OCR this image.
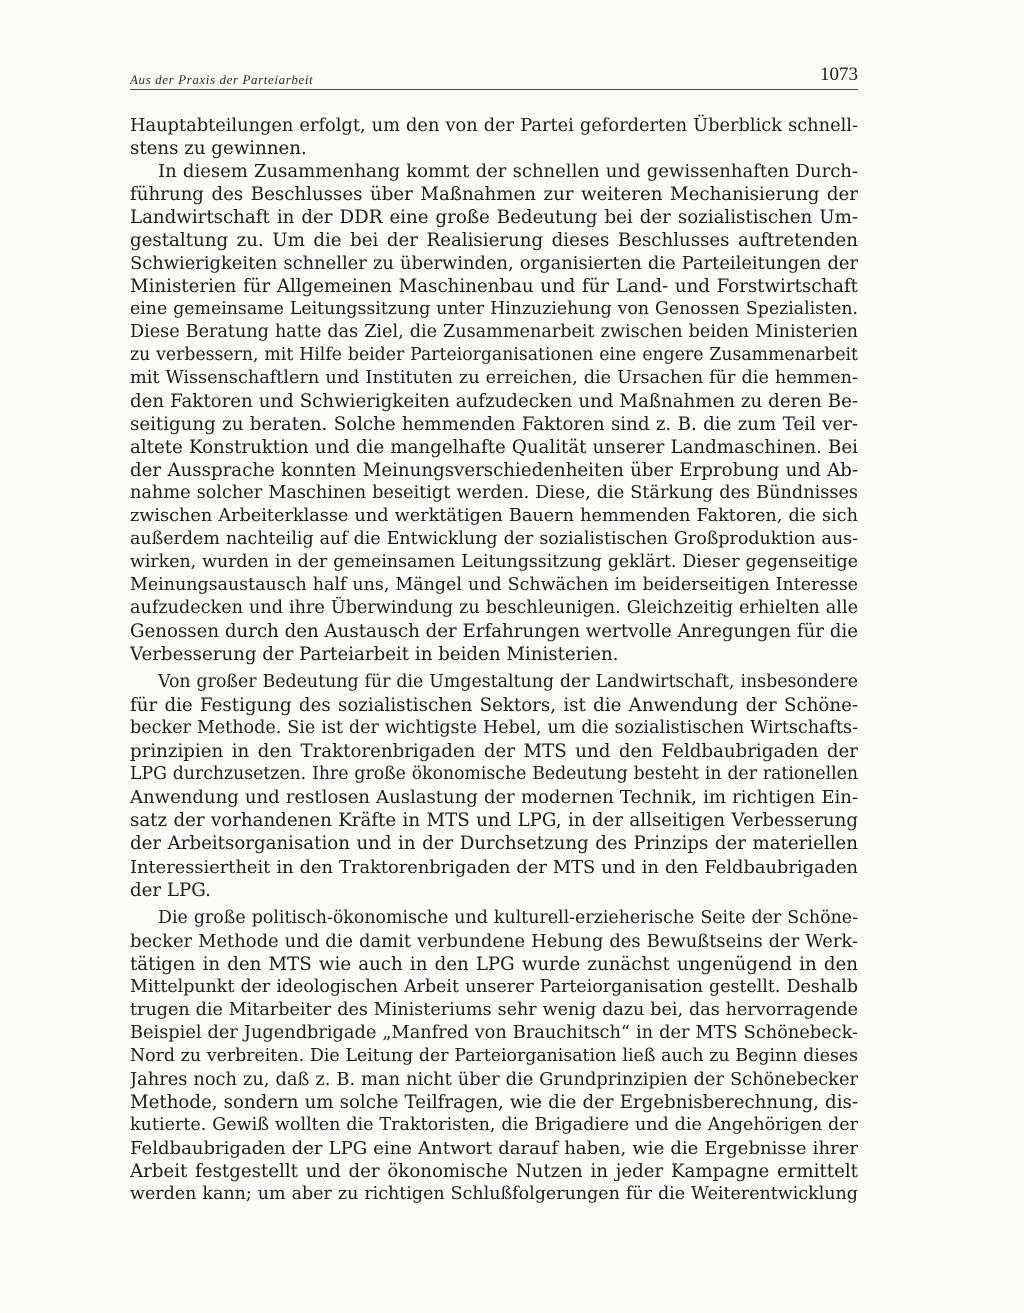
Aus der Praxis der Parteiarbeit	1073
Hauptabteilungen erfolgt, um den von der Partei geforderten Überblick schnell-
stens zu gewinnen.
In diesem Zusammenhang kommt der schnellen und gewissenhaften Durch-
führung des Beschlusses über Maßnahmen zur weiteren Mechanisierung der
Landwirtschaft in der DDR eine große Bedeutung bei der sozialistischen Um-
gestaltung zu. Um die bei der Realisierung dieses Beschlusses auftretenden
Schwierigkeiten schneller zu überwinden, organisierten die Parteileitungen der
Ministerien für Allgemeinen Maschinenbau und für Land- und Forstwirtschaft
eine gemeinsame Leitungssitzung unter Hinzuziehung von Genossen Spezialisten.
Diese Beratung hatte das Ziel, die Zusammenarbeit zwischen beiden Ministerien
zu verbessern, mit Hilfe beider Parteiorganisationen eine engere Zusammenarbeit
mit Wissenschaftlern und Instituten zu erreichen, die Ursachen für die hemmen-
den Faktoren und Schwierigkeiten aufzudecken und Maßnahmen zu deren Be-
seitigung zu beraten. Solche hemmenden Faktoren sind z. B. die zum Teil ver-
altete Konstruktion und die mangelhafte Qualität unserer Landmaschinen. Bei
der Aussprache konnten Meinungsverschiedenheiten über Erprobung und Ab-
nahme solcher Maschinen beseitigt werden. Diese, die Stärkung des Bündnisses
zwischen Arbeiterklasse und werktätigen Bauern hemmenden Faktoren, die sich
außerdem nachteilig auf die Entwicklung der sozialistischen Großproduktion aus-
wirken, wurden in der gemeinsamen Leitungssitzung geklärt. Dieser gegenseitige
Meinungsaustausch half uns, Mängel und Schwächen im beiderseitigen Interesse
aufzudecken und ihre Überwindung zu beschleunigen. Gleichzeitig erhielten alle
Genossen durch den Austausch der Erfahrungen wertvolle Anregungen für die
Verbesserung der Parteiarbeit in beiden Ministerien.
Von großer Bedeutung für die Umgestaltung der Landwirtschaft, insbesondere
für die Festigung des sozialistischen Sektors, ist die Anwendung der Schöne-
becker Methode. Sie ist der wichtigste Hebel, um die sozialistischen Wirtschafts-
prinzipien in den Traktorenbrigaden der MTS und den Feldbaubrigaden der
LPG durchzusetzen. Ihre große ökonomische Bedeutung besteht in der rationellen
Anwendung und restlosen Auslastung der modernen Technik, im richtigen Ein-
satz der vorhandenen Kräfte in MTS und LPG, in der allseitigen Verbesserung
der Arbeitsorganisation und in der Durchsetzung des Prinzips der materiellen
Interessiertheit in den Traktorenbrigaden der MTS und in den Feldbaubrigaden
der LPG.
Die große politisch-ökonomische und kulturell-erzieherische Seite der Schöne-
becker Methode und die damit verbundene Hebung des Bewußtseins der Werk-
tätigen in den MTS wie auch in den LPG wurde zunächst ungenügend in den
Mittelpunkt der ideologischen Arbeit unserer Parteiorganisation gestellt. Deshalb
trugen die Mitarbeiter des Ministeriums sehr wenig dazu bei, das hervorragende
Beispiel der Jugendbrigade „Manfred von Brauchitsch“ in der MTS Schönebeck-
Nord zu verbreiten. Die Leitung der Parteiorganisation ließ auch zu Beginn dieses
Jahres noch zu, daß z. B. man nicht über die Grundprinzipien der Schönebecker
Methode, sondern um solche Teilfragen, wie die der Ergebnisberechnung, dis-
kutierte. Gewiß wollten die Traktoristen, die Brigadiere und die Angehörigen der
Feldbaubrigaden der LPG eine Antwort darauf haben, wie die Ergebnisse ihrer
Arbeit festgestellt und der ökonomische Nutzen in jeder Kampagne ermittelt
werden kann; um aber zu richtigen Schlußfolgerungen für die Weiterentwicklung
